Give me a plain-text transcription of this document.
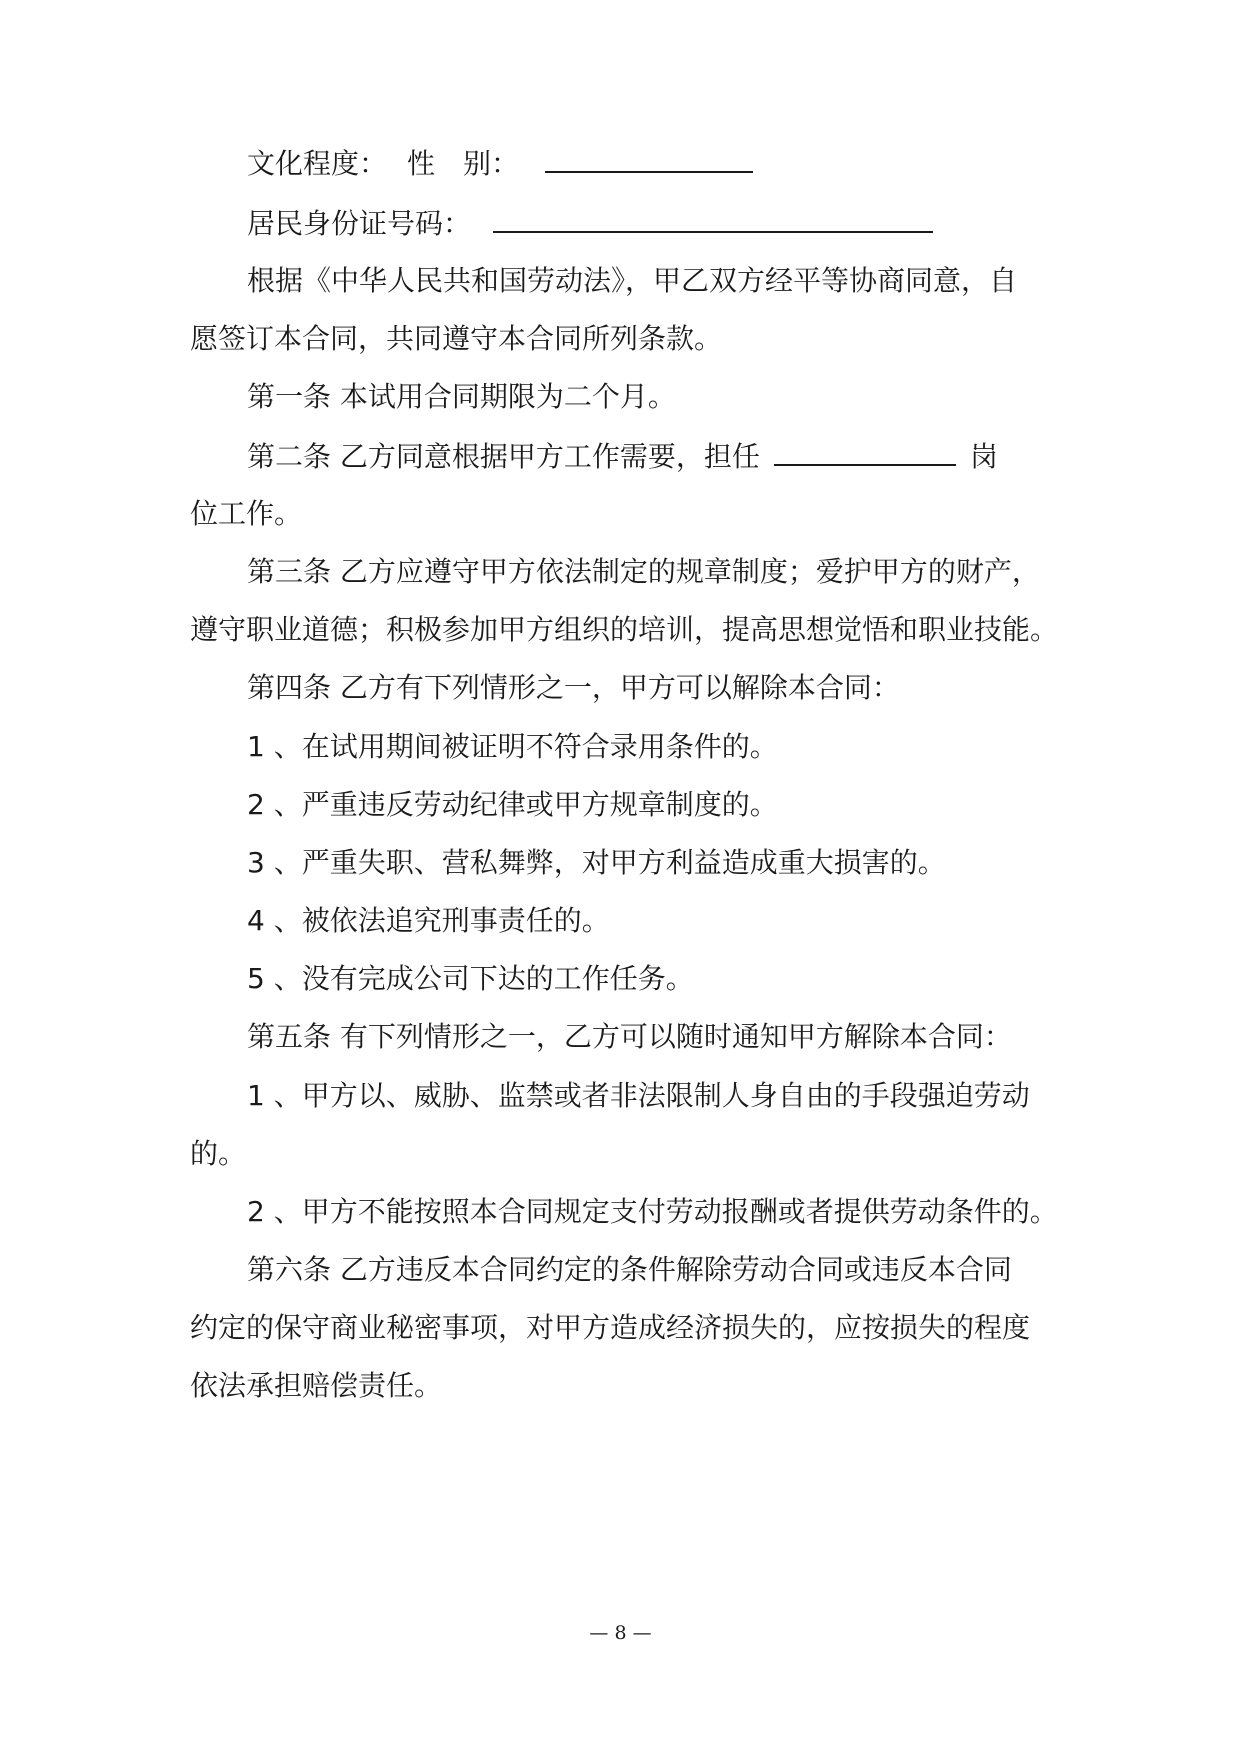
文化程度： 性　别：
居民身份证号码：
根据《中华人民共和国劳动法》，甲乙双方经平等协商同意，自
愿签订本合同，共同遵守本合同所列条款。
第一条 本试用合同期限为二个月。
第二条 乙方同意根据甲方工作需要，担任	岗
位工作。
第三条 乙方应遵守甲方依法制定的规章制度；爱护甲方的财产，
遵守职业道德；积极参加甲方组织的培训，提高思想觉悟和职业技能。
第四条 乙方有下列情形之一，甲方可以解除本合同：
1 、在试用期间被证明不符合录用条件的。
2 、严重违反劳动纪律或甲方规章制度的。
3 、严重失职、营私舞弊，对甲方利益造成重大损害的。
4 、被依法追究刑事责任的。
5 、没有完成公司下达的工作任务。
第五条 有下列情形之一，乙方可以随时通知甲方解除本合同：
1 、甲方以、威胁、监禁或者非法限制人身自由的手段强迫劳动
的。
2 、甲方不能按照本合同规定支付劳动报酬或者提供劳动条件的。
第六条 乙方违反本合同约定的条件解除劳动合同或违反本合同
约定的保守商业秘密事项，对甲方造成经济损失的，应按损失的程度
依法承担赔偿责任。
— 8 —
